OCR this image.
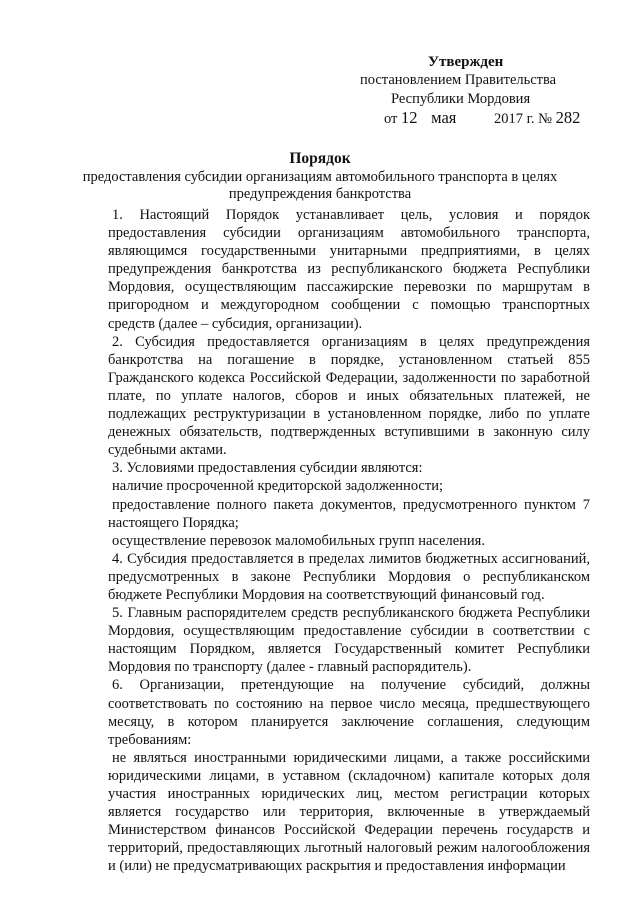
Утвержден
постановлением Правительства
Республики Мордовия
от 12 мая	2017 г. № 282
Порядок
предоставления субсидии организациям автомобильного транспорта в целях
предупреждения банкротства

1. Настоящий Порядок устанавливает цель, условия и порядок предоставления субсидии организациям автомобильного транспорта, являющимся государственными унитарными предприятиями, в целях предупреждения банкротства из республиканского бюджета Республики Мордовия, осуществляющим пассажирские перевозки по маршрутам в пригородном и междугородном сообщении с помощью транспортных средств (далее – субсидия, организации).

2. Субсидия предоставляется организациям в целях предупреждения банкротства на погашение в порядке, установленном статьей 855 Гражданского кодекса Российской Федерации, задолженности по заработной плате, по уплате налогов, сборов и иных обязательных платежей, не подлежащих реструктуризации в установленном порядке, либо по уплате денежных обязательств, подтвержденных вступившими в законную силу судебными актами.

3. Условиями предоставления субсидии являются:

наличие просроченной кредиторской задолженности;

предоставление полного пакета документов, предусмотренного пунктом 7 настоящего Порядка;

осуществление перевозок маломобильных групп населения.

4. Субсидия предоставляется в пределах лимитов бюджетных ассигнований, предусмотренных в законе Республики Мордовия о республиканском бюджете Республики Мордовия на соответствующий финансовый год.

5. Главным распорядителем средств республиканского бюджета Республики Мордовия, осуществляющим предоставление субсидии в соответствии с настоящим Порядком, является Государственный комитет Республики Мордовия по транспорту (далее - главный распорядитель).

6. Организации, претендующие на получение субсидий, должны соответствовать по состоянию на первое число месяца, предшествующего месяцу, в котором планируется заключение соглашения, следующим требованиям:

не являться иностранными юридическими лицами, а также российскими юридическими лицами, в уставном (складочном) капитале которых доля участия иностранных юридических лиц, местом регистрации которых является государство или территория, включенные в утверждаемый Министерством финансов Российской Федерации перечень государств и территорий, предоставляющих льготный налоговый режим налогообложения и (или) не предусматривающих раскрытия и предоставления информации
